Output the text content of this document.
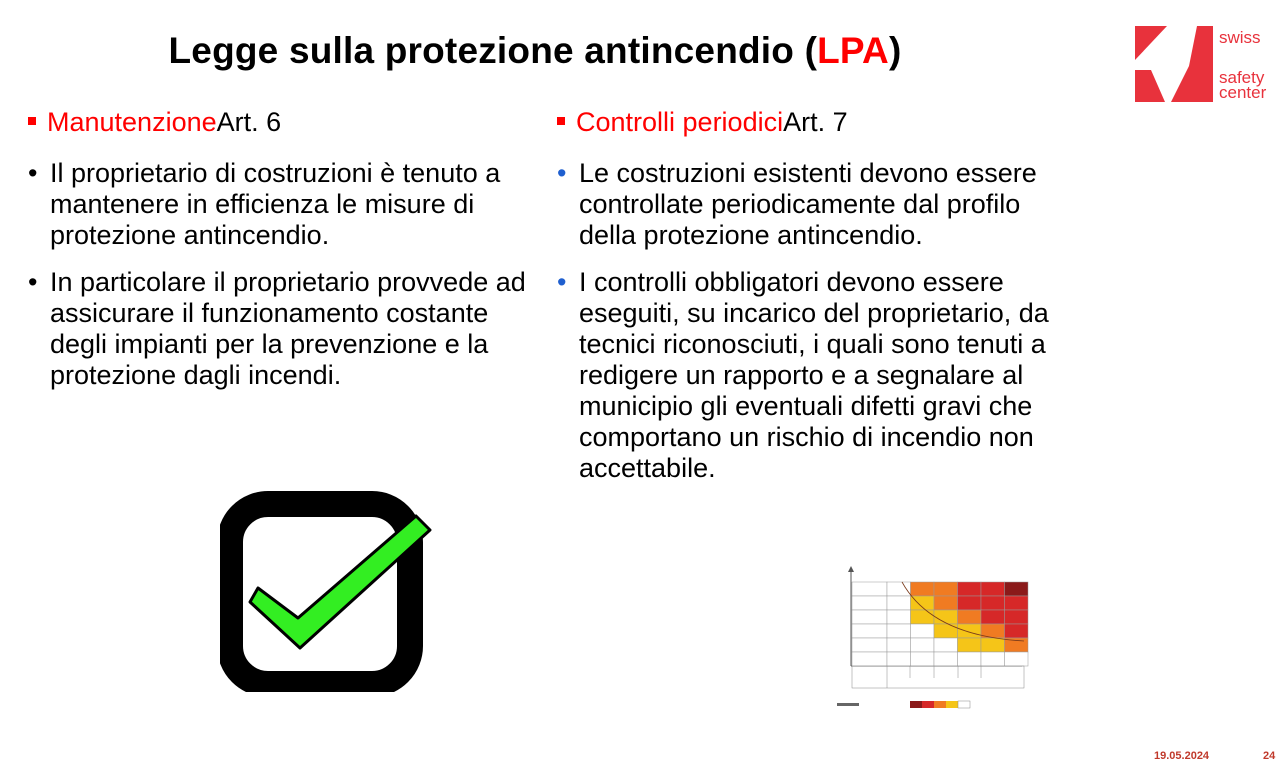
Legge sulla protezione antincendio (LPA)	swiss
safety
center
Manutenzione Art. 6
• Il proprietario di costruzioni è tenuto a mantenere in efficienza le misure di protezione antincendio.
• In particolare il proprietario provvede ad assicurare il funzionamento costante degli impianti per la prevenzione e la protezione dagli incendi.
Controlli periodici Art. 7
• Le costruzioni esistenti devono essere controllate periodicamente dal profilo della protezione antincendio.
• I controlli obbligatori devono essere eseguiti, su incarico del proprietario, da tecnici riconosciuti, i quali sono tenuti a redigere un rapporto e a segnalare al municipio gli eventuali difetti gravi che comportano un rischio di incendio non accettabile.
19.05.2024	24
